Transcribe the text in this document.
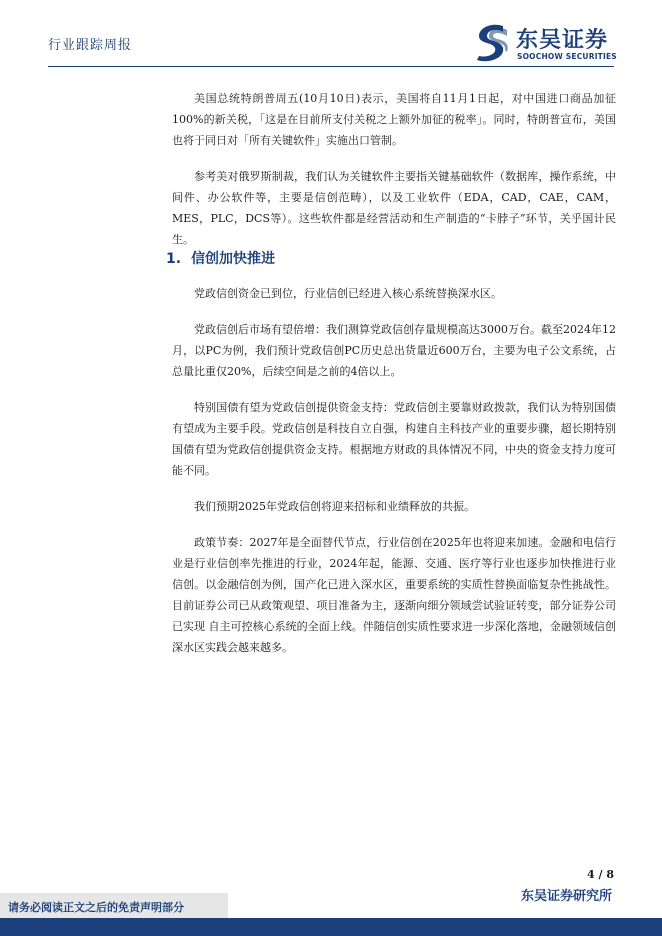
行业跟踪周报	东吴证券
SOOCHOW SECURITIES

美国总统特朗普周五(10月10日)表示，美国将自11月1日起，对中国进口商品加征100%的新关税，「这是在目前所支付关税之上额外加征的税率」。同时，特朗普宣布，美国也将于同日对「所有关键软件」实施出口管制。

参考美对俄罗斯制裁，我们认为关键软件主要指关键基础软件（数据库，操作系统，中间件、办公软件等，主要是信创范畴），以及工业软件（EDA，CAD，CAE，CAM，MES，PLC，DCS等）。这些软件都是经营活动和生产制造的“卡脖子”环节，关乎国计民生。

1. 信创加快推进

党政信创资金已到位，行业信创已经进入核心系统替换深水区。

党政信创后市场有望倍增：我们测算党政信创存量规模高达3000万台。截至2024年12月，以PC为例，我们预计党政信创PC历史总出货量近600万台，主要为电子公文系统，占总量比重仅20%，后续空间是之前的4倍以上。

特别国债有望为党政信创提供资金支持：党政信创主要靠财政拨款，我们认为特别国债有望成为主要手段。党政信创是科技自立自强，构建自主科技产业的重要步骤，超长期特别国债有望为党政信创提供资金支持。根据地方财政的具体情况不同，中央的资金支持力度可能不同。

我们预期2025年党政信创将迎来招标和业绩释放的共振。

政策节奏：2027年是全面替代节点，行业信创在2025年也将迎来加速。金融和电信行业是行业信创率先推进的行业，2024年起，能源、交通、医疗等行业也逐步加快推进行业信创。以金融信创为例，国产化已进入深水区，重要系统的实质性替换面临复杂性挑战性。目前证券公司已从政策观望、项目准备为主，逐渐向细分领域尝试验证转变，部分证券公司已实现 自主可控核心系统的全面上线。伴随信创实质性要求进一步深化落地，金融领域信创深水区实践会越来越多。

4 / 8
请务必阅读正文之后的免责声明部分
东吴证券研究所
